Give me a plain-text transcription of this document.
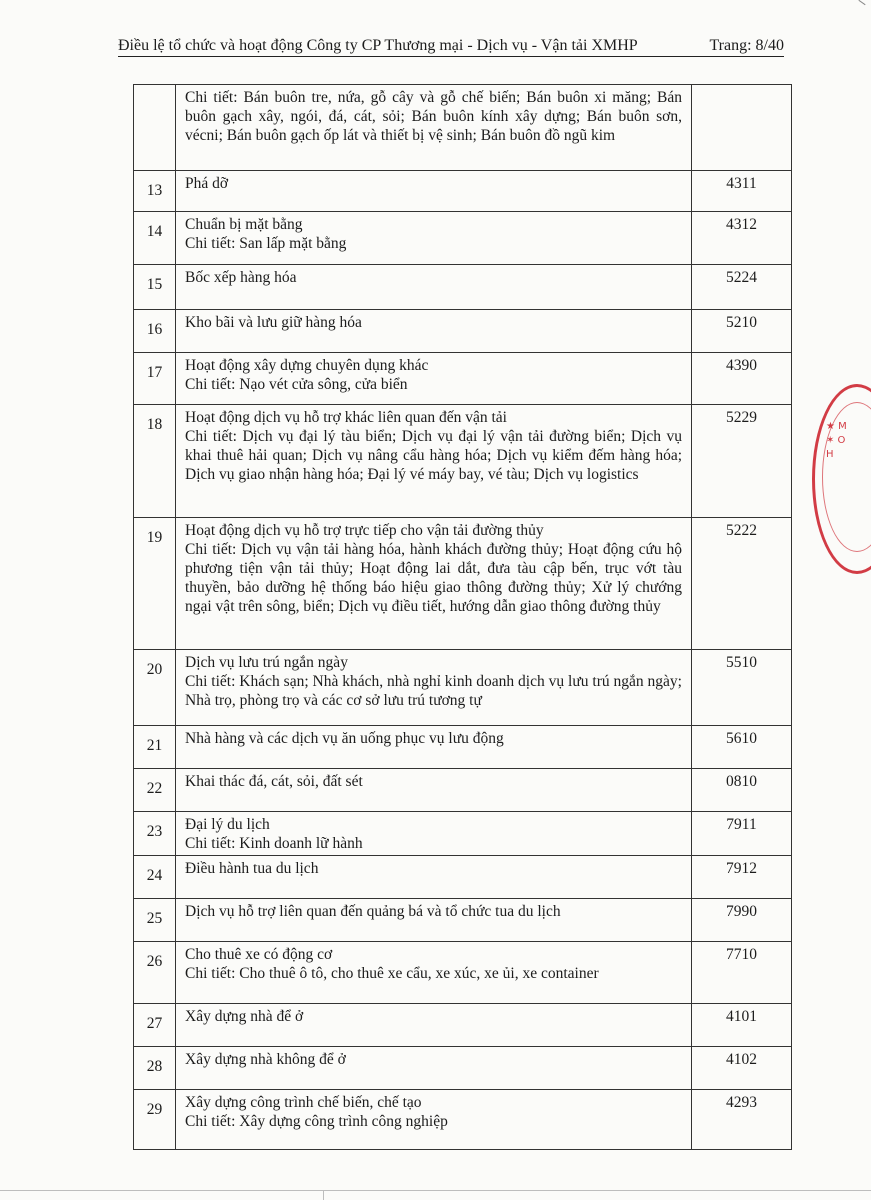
Điều lệ tổ chức và hoạt động Công ty CP Thương mại - Dịch vụ - Vận tải XMHP	Trang: 8/40

	Chi tiết: Bán buôn tre, nứa, gỗ cây và gỗ chế biến; Bán buôn xi măng; Bán buôn gạch xây, ngói, đá, cát, sỏi; Bán buôn kính xây dựng; Bán buôn sơn, vécni; Bán buôn gạch ốp lát và thiết bị vệ sinh; Bán buôn đồ ngũ kim	

13	Phá dỡ	4311
14	Chuẩn bị mặt bằng
Chi tiết: San lấp mặt bằng	4312
15	Bốc xếp hàng hóa	5224
16	Kho bãi và lưu giữ hàng hóa	5210
17	Hoạt động xây dựng chuyên dụng khác
Chi tiết: Nạo vét cửa sông, cửa biển	4390
18	Hoạt động dịch vụ hỗ trợ khác liên quan đến vận tải
Chi tiết: Dịch vụ đại lý tàu biển; Dịch vụ đại lý vận tải đường biển; Dịch vụ khai thuê hải quan; Dịch vụ nâng cẩu hàng hóa; Dịch vụ kiểm đếm hàng hóa; Dịch vụ giao nhận hàng hóa; Đại lý vé máy bay, vé tàu; Dịch vụ logistics	5229
19	Hoạt động dịch vụ hỗ trợ trực tiếp cho vận tải đường thủy
Chi tiết: Dịch vụ vận tải hàng hóa, hành khách đường thủy; Hoạt động cứu hộ phương tiện vận tải thủy; Hoạt động lai dắt, đưa tàu cập bến, trục vớt tàu thuyền, bảo dưỡng hệ thống báo hiệu giao thông đường thủy; Xử lý chướng ngại vật trên sông, biển; Dịch vụ điều tiết, hướng dẫn giao thông đường thủy	5222
20	Dịch vụ lưu trú ngắn ngày
Chi tiết: Khách sạn; Nhà khách, nhà nghỉ kinh doanh dịch vụ lưu trú ngắn ngày; Nhà trọ, phòng trọ và các cơ sở lưu trú tương tự	5510
21	Nhà hàng và các dịch vụ ăn uống phục vụ lưu động	5610
22	Khai thác đá, cát, sỏi, đất sét	0810
23	Đại lý du lịch
Chi tiết: Kinh doanh lữ hành	7911
24	Điều hành tua du lịch	7912
25	Dịch vụ hỗ trợ liên quan đến quảng bá và tổ chức tua du lịch	7990
26	Cho thuê xe có động cơ
Chi tiết: Cho thuê ô tô, cho thuê xe cẩu, xe xúc, xe ủi, xe container	7710
27	Xây dựng nhà để ở	4101
28	Xây dựng nhà không để ở	4102
29	Xây dựng công trình chế biến, chế tạo
Chi tiết: Xây dựng công trình công nghiệp	4293
★ M ✶ O H
